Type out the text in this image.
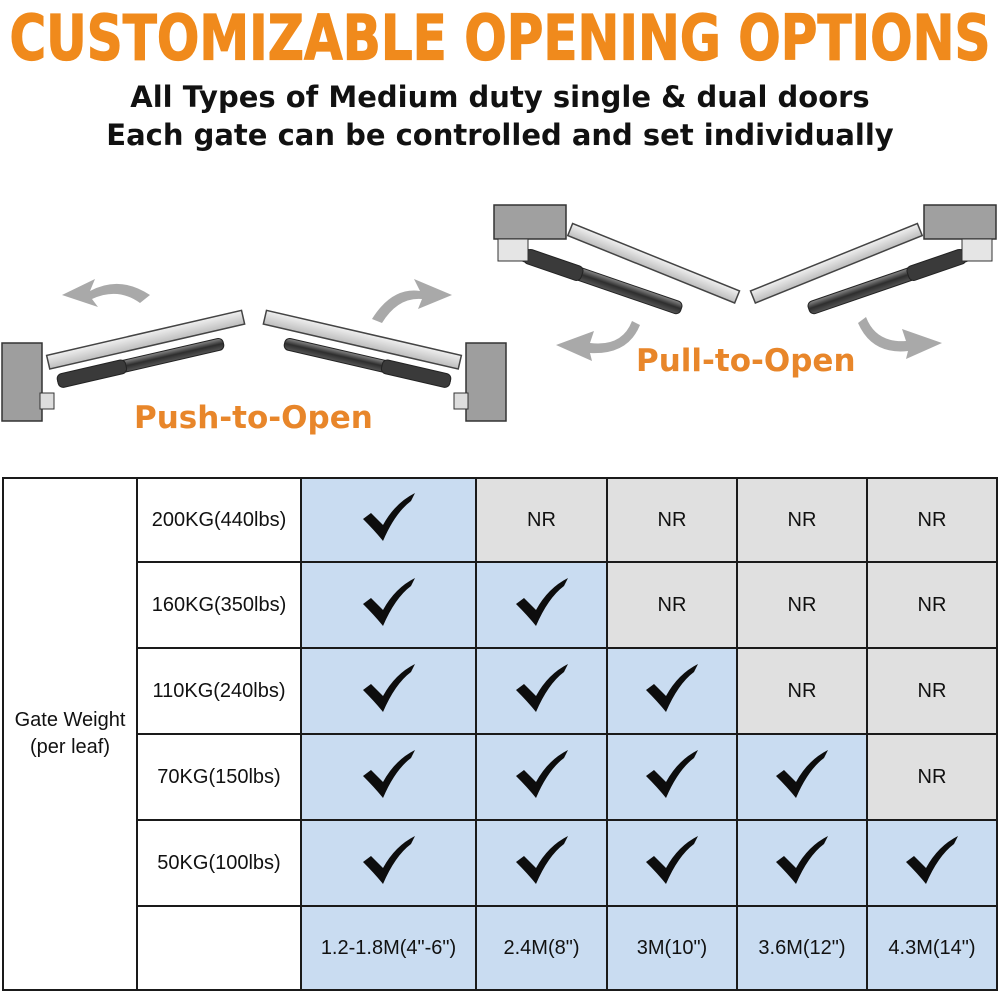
CUSTOMIZABLE OPENING OPTIONS
All Types of Medium duty single & dual doors
Each gate can be controlled and set individually
Push-to-Open
Pull-to-Open
Gate Weight
(per leaf)	200KG(440lbs)		NR	NR	NR	NR
	160KG(350lbs)			NR	NR	NR
	110KG(240lbs)				NR	NR
	70KG(150lbs)					NR
	50KG(100lbs)	

		1.2-1.8M(4"-6")	2.4M(8")	3M(10")	3.6M(12")	4.3M(14")
